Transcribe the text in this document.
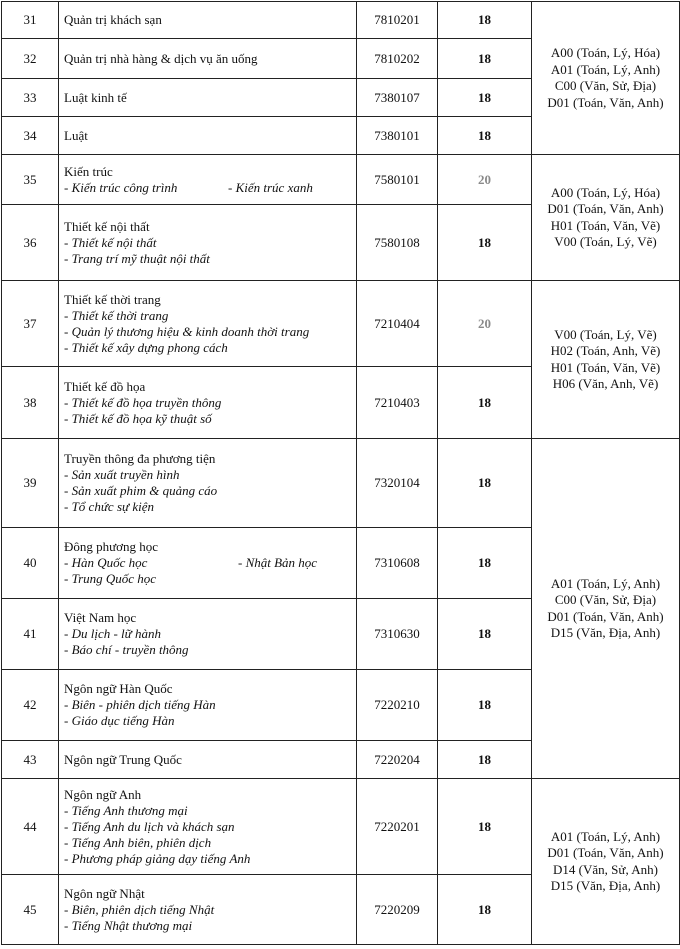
31	Quản trị khách sạn	7810201	18	A00 (Toán, Lý, Hóa)
A01 (Toán, Lý, Anh)
C00 (Văn, Sử, Địa)
D01 (Toán, Văn, Anh)

32	Quản trị nhà hàng & dịch vụ ăn uống	7810202	18	
33	Luật kinh tế	7380107	18	
34	Luật	7380101	18	
35	Kiến trúc
- Kiến trúc công trình - Kiến trúc xanh	7580101	20	A00 (Toán, Lý, Hóa)
D01 (Toán, Văn, Anh)
H01 (Toán, Văn, Vẽ)
V00 (Toán, Lý, Vẽ)

36	Thiết kế nội thất
- Thiết kế nội thất
- Trang trí mỹ thuật nội thất	7580108	18	
37	Thiết kế thời trang
- Thiết kế thời trang
- Quản lý thương hiệu & kinh doanh thời trang
- Thiết kế xây dựng phong cách	7210404	20	V00 (Toán, Lý, Vẽ)
H02 (Toán, Anh, Vẽ)
H01 (Toán, Văn, Vẽ)
H06 (Văn, Anh, Vẽ)

38	Thiết kế đồ họa
- Thiết kế đồ họa truyền thông
- Thiết kế đồ họa kỹ thuật số	7210403	18	
39	Truyền thông đa phương tiện
- Sản xuất truyền hình
- Sản xuất phim & quảng cáo
- Tổ chức sự kiện	7320104	18	A01 (Toán, Lý, Anh)
C00 (Văn, Sử, Địa)
D01 (Toán, Văn, Anh)
D15 (Văn, Địa, Anh)

40	Đông phương học
- Hàn Quốc học - Nhật Bản học
- Trung Quốc học	7310608	18	
41	Việt Nam học
- Du lịch - lữ hành
- Báo chí - truyền thông	7310630	18	
42	Ngôn ngữ Hàn Quốc
- Biên - phiên dịch tiếng Hàn
- Giáo dục tiếng Hàn	7220210	18	
43	Ngôn ngữ Trung Quốc	7220204	18	
44	Ngôn ngữ Anh
- Tiếng Anh thương mại
- Tiếng Anh du lịch và khách sạn
- Tiếng Anh biên, phiên dịch
- Phương pháp giảng dạy tiếng Anh	7220201	18	A01 (Toán, Lý, Anh)
D01 (Toán, Văn, Anh)
D14 (Văn, Sử, Anh)
D15 (Văn, Địa, Anh)

45	Ngôn ngữ Nhật
- Biên, phiên dịch tiếng Nhật
- Tiếng Nhật thương mại	7220209	18	
